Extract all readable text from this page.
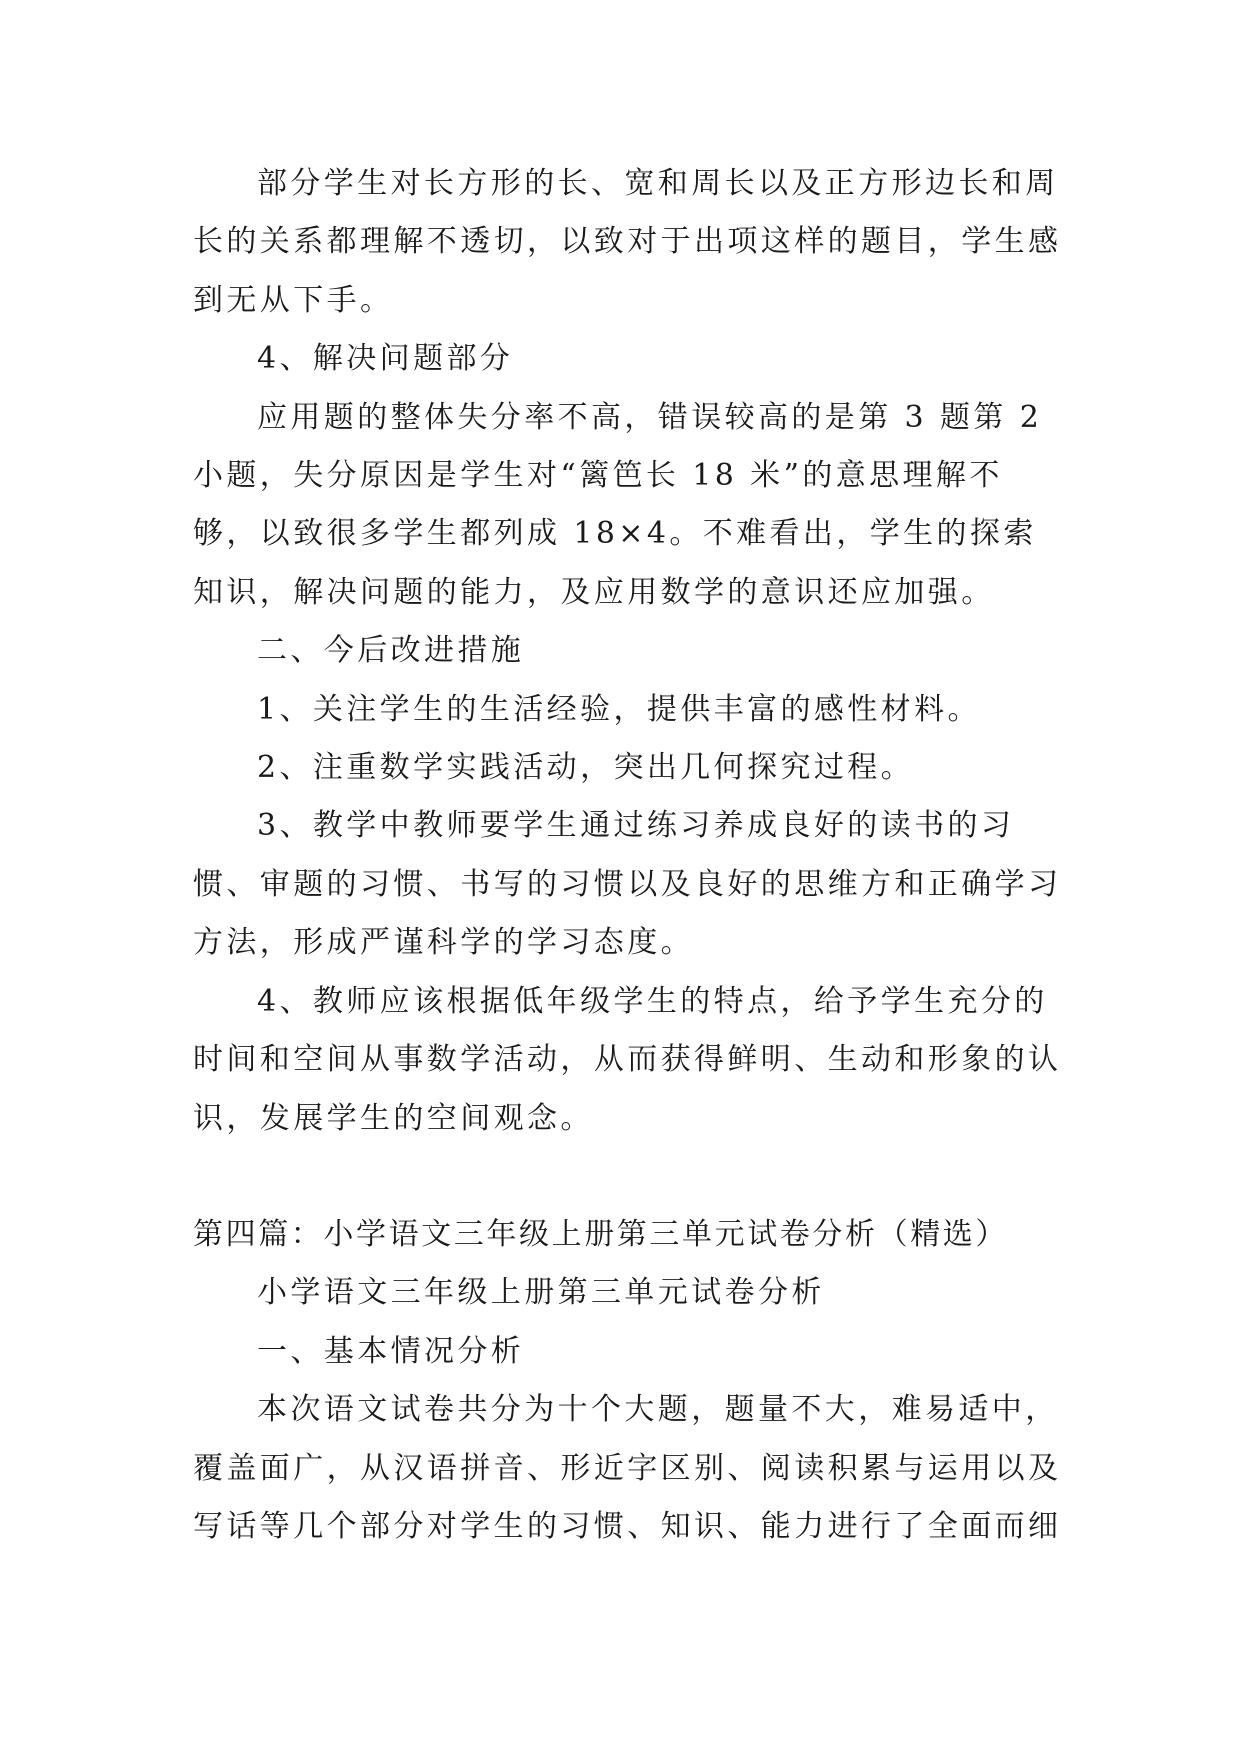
部分学生对长方形的长、宽和周长以及正方形边长和周长的关系都理解不透切，以致对于出项这样的题目，学生感到无从下手。

4、解决问题部分

应用题的整体失分率不高，错误较高的是第 3 题第 2 小题，失分原因是学生对“篱笆长 18 米”的意思理解不够，以致很多学生都列成 18×4。不难看出，学生的探索知识，解决问题的能力，及应用数学的意识还应加强。

二、今后改进措施

1、关注学生的生活经验，提供丰富的感性材料。

2、注重数学实践活动，突出几何探究过程。

3、教学中教师要学生通过练习养成良好的读书的习惯、审题的习惯、书写的习惯以及良好的思维方和正确学习方法，形成严谨科学的学习态度。

4、教师应该根据低年级学生的特点，给予学生充分的时间和空间从事数学活动，从而获得鲜明、生动和形象的认识，发展学生的空间观念。

第四篇：小学语文三年级上册第三单元试卷分析（精选）

小学语文三年级上册第三单元试卷分析

一、基本情况分析

本次语文试卷共分为十个大题，题量不大，难易适中，覆盖面广，从汉语拼音、形近字区别、阅读积累与运用以及写话等几个部分对学生的习惯、知识、能力进行了全面而细
